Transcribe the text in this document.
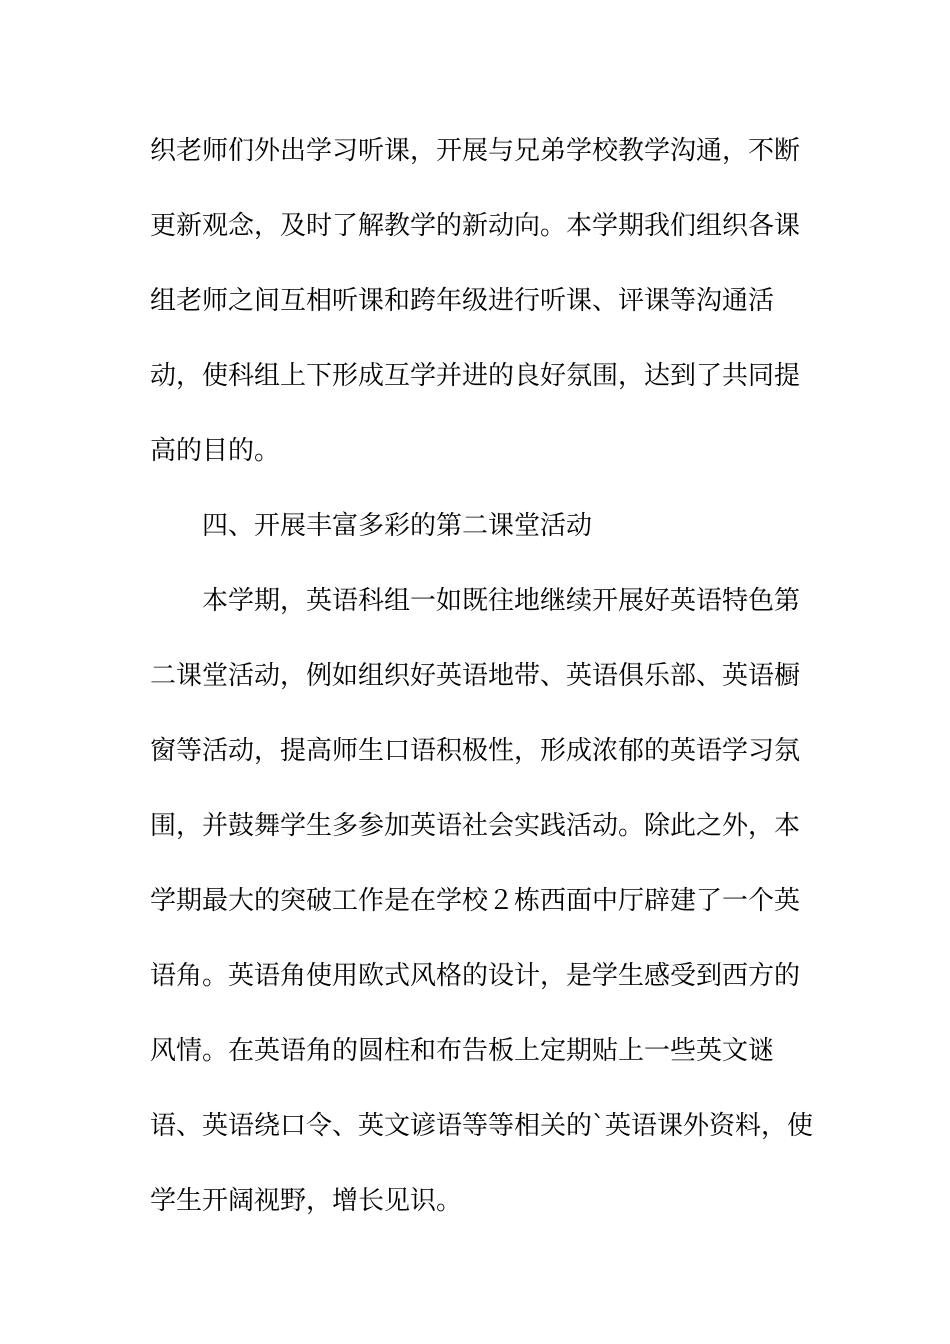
织老师们外出学习听课，开展与兄弟学校教学沟通，不断
更新观念，及时了解教学的新动向。本学期我们组织各课
组老师之间互相听课和跨年级进行听课、评课等沟通活
动，使科组上下形成互学并进的良好氛围，达到了共同提
高的目的。
四、开展丰富多彩的第二课堂活动
本学期，英语科组一如既往地继续开展好英语特色第
二课堂活动，例如组织好英语地带、英语俱乐部、英语橱
窗等活动，提高师生口语积极性，形成浓郁的英语学习氛
围，并鼓舞学生多参加英语社会实践活动。除此之外，本
学期最大的突破工作是在学校２栋西面中厅辟建了一个英
语角。英语角使用欧式风格的设计，是学生感受到西方的
风情。在英语角的圆柱和布告板上定期贴上一些英文谜
语、英语绕口令、英文谚语等等相关的`英语课外资料，使
学生开阔视野，增长见识。
